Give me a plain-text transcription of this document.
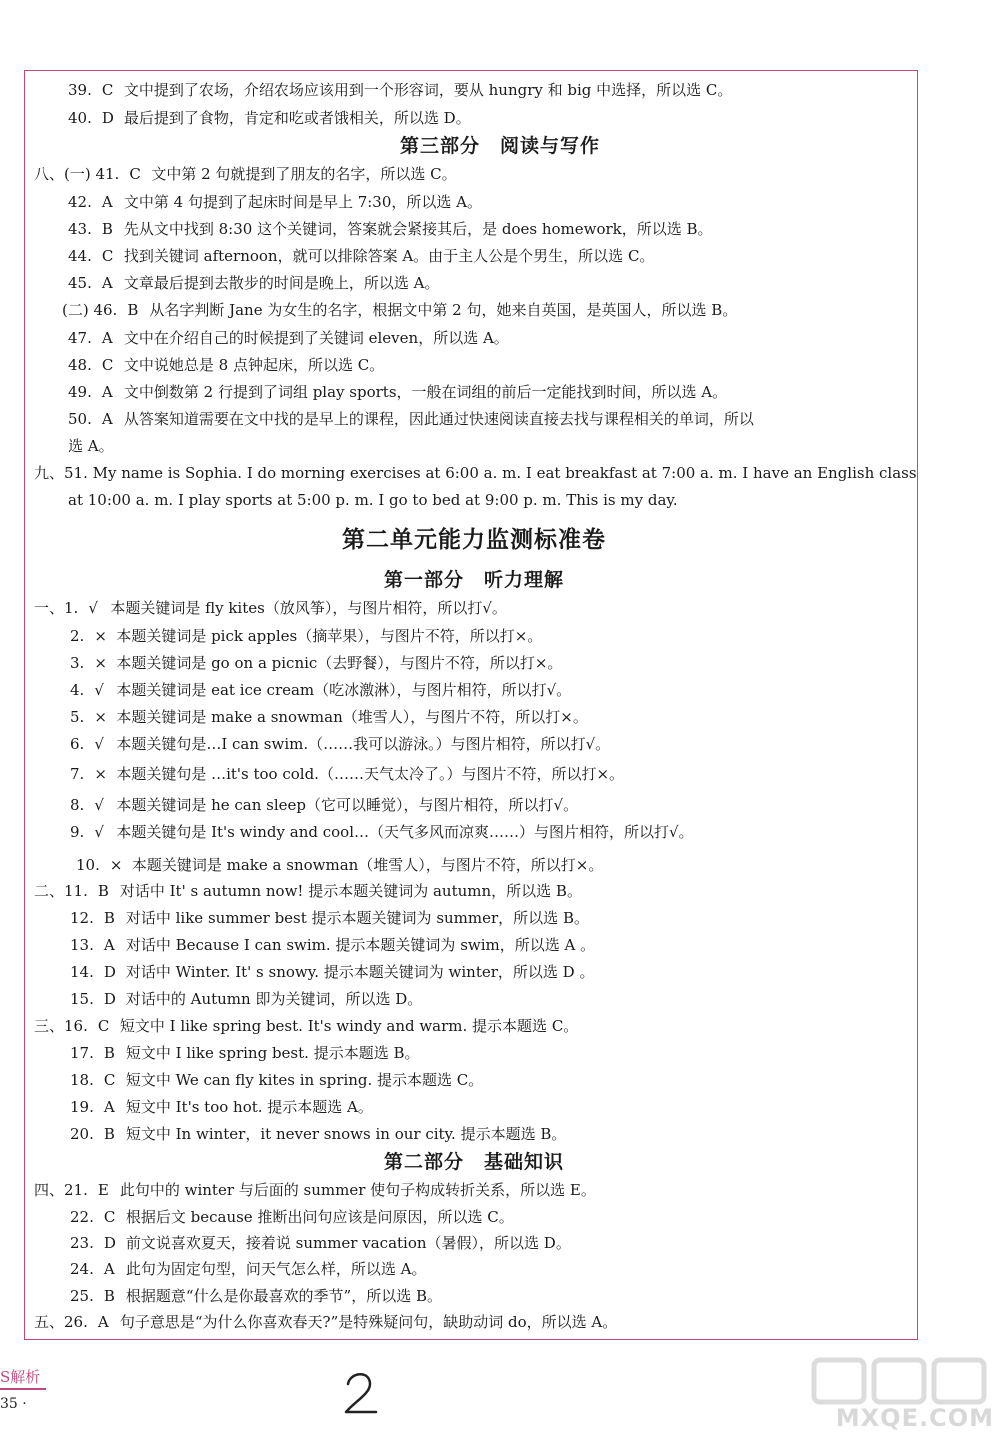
39. C 文中提到了农场，介绍农场应该用到一个形容词，要从 hungry 和 big 中选择，所以选 C。
40. D 最后提到了食物，肯定和吃或者饿相关，所以选 D。
第三部分　阅读与写作
八、(一) 41. C 文中第 2 句就提到了朋友的名字，所以选 C。
42. A 文中第 4 句提到了起床时间是早上 7:30，所以选 A。
43. B 先从文中找到 8:30 这个关键词，答案就会紧接其后，是 does homework，所以选 B。
44. C 找到关键词 afternoon，就可以排除答案 A。由于主人公是个男生，所以选 C。
45. A 文章最后提到去散步的时间是晚上，所以选 A。
(二) 46. B 从名字判断 Jane 为女生的名字，根据文中第 2 句，她来自英国，是英国人，所以选 B。
47. A 文中在介绍自己的时候提到了关键词 eleven，所以选 A。
48. C 文中说她总是 8 点钟起床，所以选 C。
49. A 文中倒数第 2 行提到了词组 play sports，一般在词组的前后一定能找到时间，所以选 A。
50. A 从答案知道需要在文中找的是早上的课程，因此通过快速阅读直接去找与课程相关的单词，所以
选 A。
九、51. My name is Sophia. I do morning exercises at 6:00 a. m. I eat breakfast at 7:00 a. m. I have an English class
at 10:00 a. m. I play sports at 5:00 p. m. I go to bed at 9:00 p. m. This is my day.
第二单元能力监测标准卷
第一部分　听力理解
一、1. √ 本题关键词是 fly kites（放风筝），与图片相符，所以打√。
2. × 本题关键词是 pick apples（摘苹果），与图片不符，所以打×。
3. × 本题关键词是 go on a picnic（去野餐），与图片不符，所以打×。
4. √ 本题关键词是 eat ice cream（吃冰激淋），与图片相符，所以打√。
5. × 本题关键词是 make a snowman（堆雪人），与图片不符，所以打×。
6. √ 本题关键句是…I can swim.（……我可以游泳。）与图片相符，所以打√。
7. × 本题关键句是 …it's too cold.（……天气太冷了。）与图片不符，所以打×。
8. √ 本题关键词是 he can sleep（它可以睡觉），与图片相符，所以打√。
9. √ 本题关键句是 It's windy and cool…（天气多风而凉爽……）与图片相符，所以打√。
10. × 本题关键词是 make a snowman（堆雪人），与图片不符，所以打×。
二、11. B 对话中 It' s autumn now! 提示本题关键词为 autumn，所以选 B。
12. B 对话中 like summer best 提示本题关键词为 summer，所以选 B。
13. A 对话中 Because I can swim. 提示本题关键词为 swim，所以选 A 。
14. D 对话中 Winter. It' s snowy. 提示本题关键词为 winter，所以选 D 。
15. D 对话中的 Autumn 即为关键词，所以选 D。
三、16. C 短文中 I like spring best. It's windy and warm. 提示本题选 C。
17. B 短文中 I like spring best. 提示本题选 B。
18. C 短文中 We can fly kites in spring. 提示本题选 C。
19. A 短文中 It's too hot. 提示本题选 A。
20. B 短文中 In winter，it never snows in our city. 提示本题选 B。
第二部分　基础知识
四、21. E 此句中的 winter 与后面的 summer 使句子构成转折关系，所以选 E。
22. C 根据后文 because 推断出问句应该是问原因，所以选 C。
23. D 前文说喜欢夏天，接着说 summer vacation（暑假），所以选 D。
24. A 此句为固定句型，问天气怎么样，所以选 A。
25. B 根据题意“什么是你最喜欢的季节”，所以选 B。
五、26. A 句子意思是“为什么你喜欢春天?”是特殊疑问句，缺助动词 do，所以选 A。
S解析
35 ·	MXQE.COM
